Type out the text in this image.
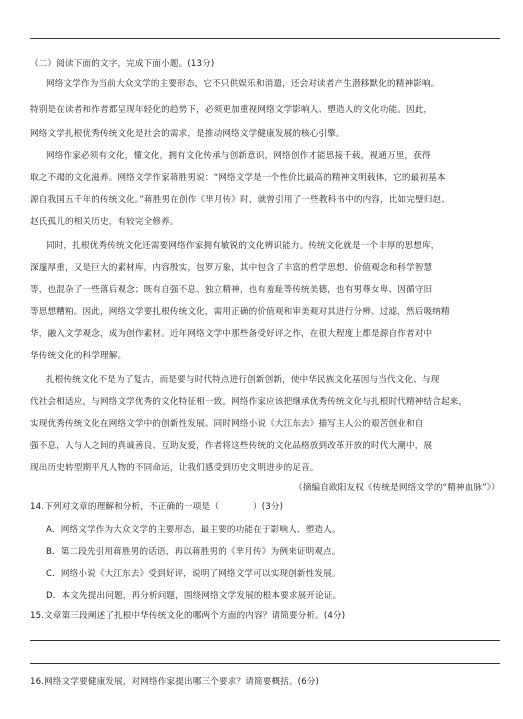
（二）阅读下面的文字，完成下面小题。(13分)
网络文学作为当前大众文学的主要形态，它不只供娱乐和消遣，还会对读者产生潜移默化的精神影响。
特别是在读者和作者都呈现年轻化的趋势下，必须更加重视网络文学影响人、塑造人的文化功能。因此，
网络文学扎根优秀传统文化是社会的需求，是推动网络文学健康发展的核心引擎。
网络作家必须有文化，懂文化，拥有文化传承与创新意识，网络创作才能思接千载，视通万里，获得
取之不竭的文化滋养。网络文学作家蒋胜男说：“网络文学是一个性价比最高的精神文明载体，它的最初基本
源自我国五千年的传统文化。”蒋胜男在创作《芈月传》时，就曾引用了一些教科书中的内容，比如完璧归赵、
赵氏孤儿的相关历史，有较完全修养。
同时，扎根优秀传统文化还需要网络作家拥有敏锐的文化辨识能力。传统文化就是一个丰厚的思想库，
深邃厚重，又是巨大的素材库，内容殷实，包罗万象，其中包含了丰富的哲学思想、价值观念和科学智慧
等，也混杂了一些落后观念；既有自强不息、独立精神，也有羞耻等传统美德，也有男尊女卑、因循守旧
等思想糟粕。因此，网络文学要扎根传统文化，需用正确的价值观和审美观对其进行分辨、过滤，然后吸纳精
华，融入文学观念，成为创作素材。近年网络文学中那些备受好评之作，在很大程度上都是源自作者对中
华传统文化的科学理解。
扎根传统文化不是为了复古，而是要与时代特点进行创新创新，使中华民族文化基因与当代文化、与现
代社会相适应，与网络文学优秀的文化特征相一致。网络作家应该把继承优秀传统文化与扎根时代精神结合起来，
实现优秀传统文化在网络文学中的创新性发展。同时网络小说《大江东去》描写主人公的艰苦创业和自
强不息，人与人之间的真诚善良、互助友爱，作者将这些传统的文化品格放到改革开放的时代大潮中，展
现出历史转型期平凡人物的不同命运，让我们感受到历史文明进步的足音。
（摘编自欧阳友权《传统是网络文学的“精神血脉”》）
14.下列对文章的理解和分析，不正确的一项是（	）(3分)
A．网络文学作为大众文学的主要形态，最主要的功能在于影响人、塑造人。
B．第二段先引用蒋胜男的话语，再以蒋胜男的《芈月传》为例来证明观点。
C．网络小说《大江东去》受到好评，说明了网络文学可以实现创新性发展。
D．本文先提出问题，再分析问题，围绕网络文学发展的根本要求展开论证。
15.文章第三段阐述了扎根中华传统文化的哪两个方面的内容？请简要分析。(4分)
16.网络文学要健康发展，对网络作家提出哪三个要求？请简要概括。(6分)
